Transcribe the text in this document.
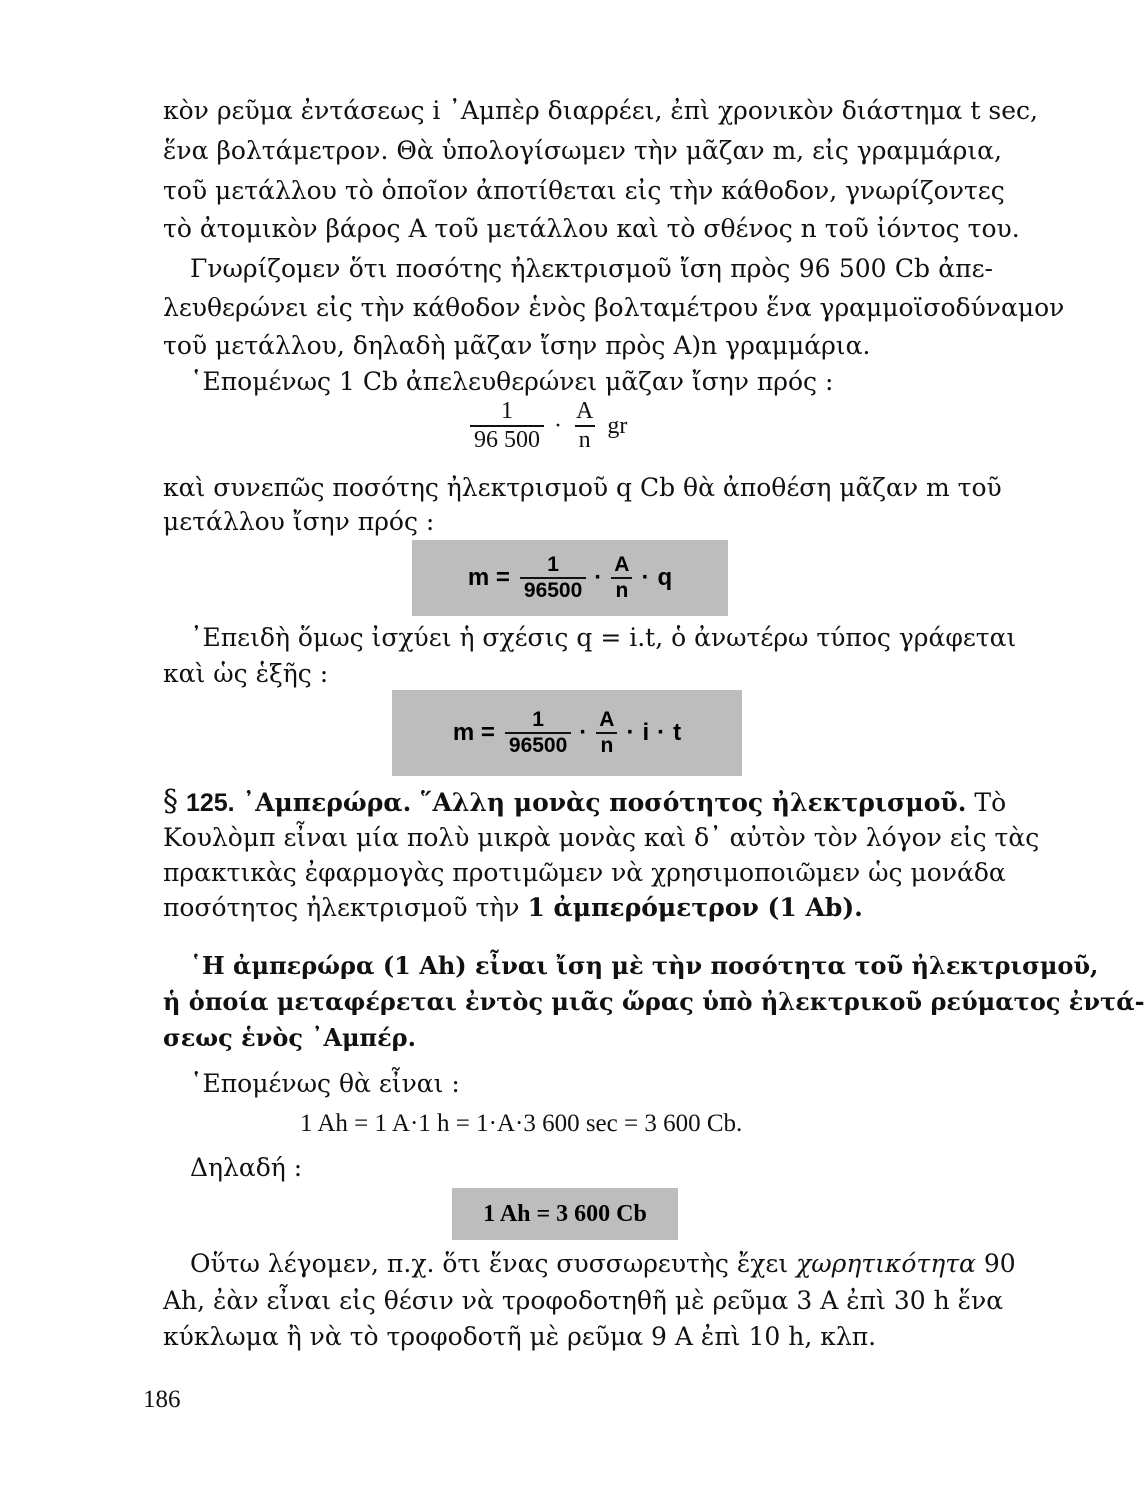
κὸν ρεῦμα ἐντάσεως i ᾿Αμπὲρ διαρρέει, ἐπὶ χρονικὸν διάστημα t sec,
ἕνα βολτάμετρον. Θὰ ὑπολογίσωμεν τὴν μᾶζαν m, εἰς γραμμάρια,
τοῦ μετάλλου τὸ ὁποῖον ἀποτίθεται εἰς τὴν κάθοδον, γνωρίζοντες
τὸ ἀτομικὸν βάρος Α τοῦ μετάλλου καὶ τὸ σθένος n τοῦ ἰόντος του.
Γνωρίζομεν ὅτι ποσότης ἠλεκτρισμοῦ ἴση πρὸς 96 500 Cb ἀπε-
λευθερώνει εἰς τὴν κάθοδον ἑνὸς βολταμέτρου ἕνα γραμμοϊσοδύναμον
τοῦ μετάλλου, δηλαδὴ μᾶζαν ἴσην πρὸς Α)n γραμμάρια.
῾Επομένως 1 Cb ἀπελευθερώνει μᾶζαν ἴσην πρός :
$\frac{1}{96 500} \cdot \frac{A}{n}$ gr
καὶ συνεπῶς ποσότης ἠλεκτρισμοῦ q Cb θὰ ἀποθέση μᾶζαν m τοῦ
μετάλλου ἴσην πρός :
$m = \frac{1}{96500} \cdot \frac{A}{n} \cdot q$
᾿Επειδὴ ὅμως ἰσχύει ἡ σχέσις q = i.t, ὁ ἀνωτέρω τύπος γράφεται
καὶ ὡς ἑξῆς :
$m = \frac{1}{96500} \cdot \frac{A}{n} \cdot i \cdot t$
§ 125. ᾿Αμπερώρα. ῞Αλλη μονὰς ποσότητος ἠλεκτρισμοῦ. Τὸ
Κουλὸμπ εἶναι μία πολὺ μικρὰ μονὰς καὶ δ᾿ αὐτὸν τὸν λόγον εἰς τὰς
πρακτικὰς ἐφαρμογὰς προτιμῶμεν νὰ χρησιμοποιῶμεν ὡς μονάδα
ποσότητος ἠλεκτρισμοῦ τὴν 1 ἀμπερόμετρον (1 Ab).
῾Η ἀμπερώρα (1 Ah) εἶναι ἴση μὲ τὴν ποσότητα τοῦ ἠλεκτρισμοῦ,
ἡ ὁποία μεταφέρεται ἐντὸς μιᾶς ὥρας ὑπὸ ἠλεκτρικοῦ ρεύματος ἐντά-
σεως ἑνὸς ᾿Αμπέρ.
῾Επομένως θὰ εἶναι :
1 Ah = 1 A·1 h = 1·A·3 600 sec = 3 600 Cb.
Δηλαδή :
1 Ah = 3 600 Cb
Οὕτω λέγομεν, π.χ. ὅτι ἕνας συσσωρευτὴς ἔχει χωρητικότητα 90
Ah, ἐὰν εἶναι εἰς θέσιν νὰ τροφοδοτηθῆ μὲ ρεῦμα 3 Α ἐπὶ 30 h ἕνα
κύκλωμα ἢ νὰ τὸ τροφοδοτῆ μὲ ρεῦμα 9 Α ἐπὶ 10 h, κλπ.
186
